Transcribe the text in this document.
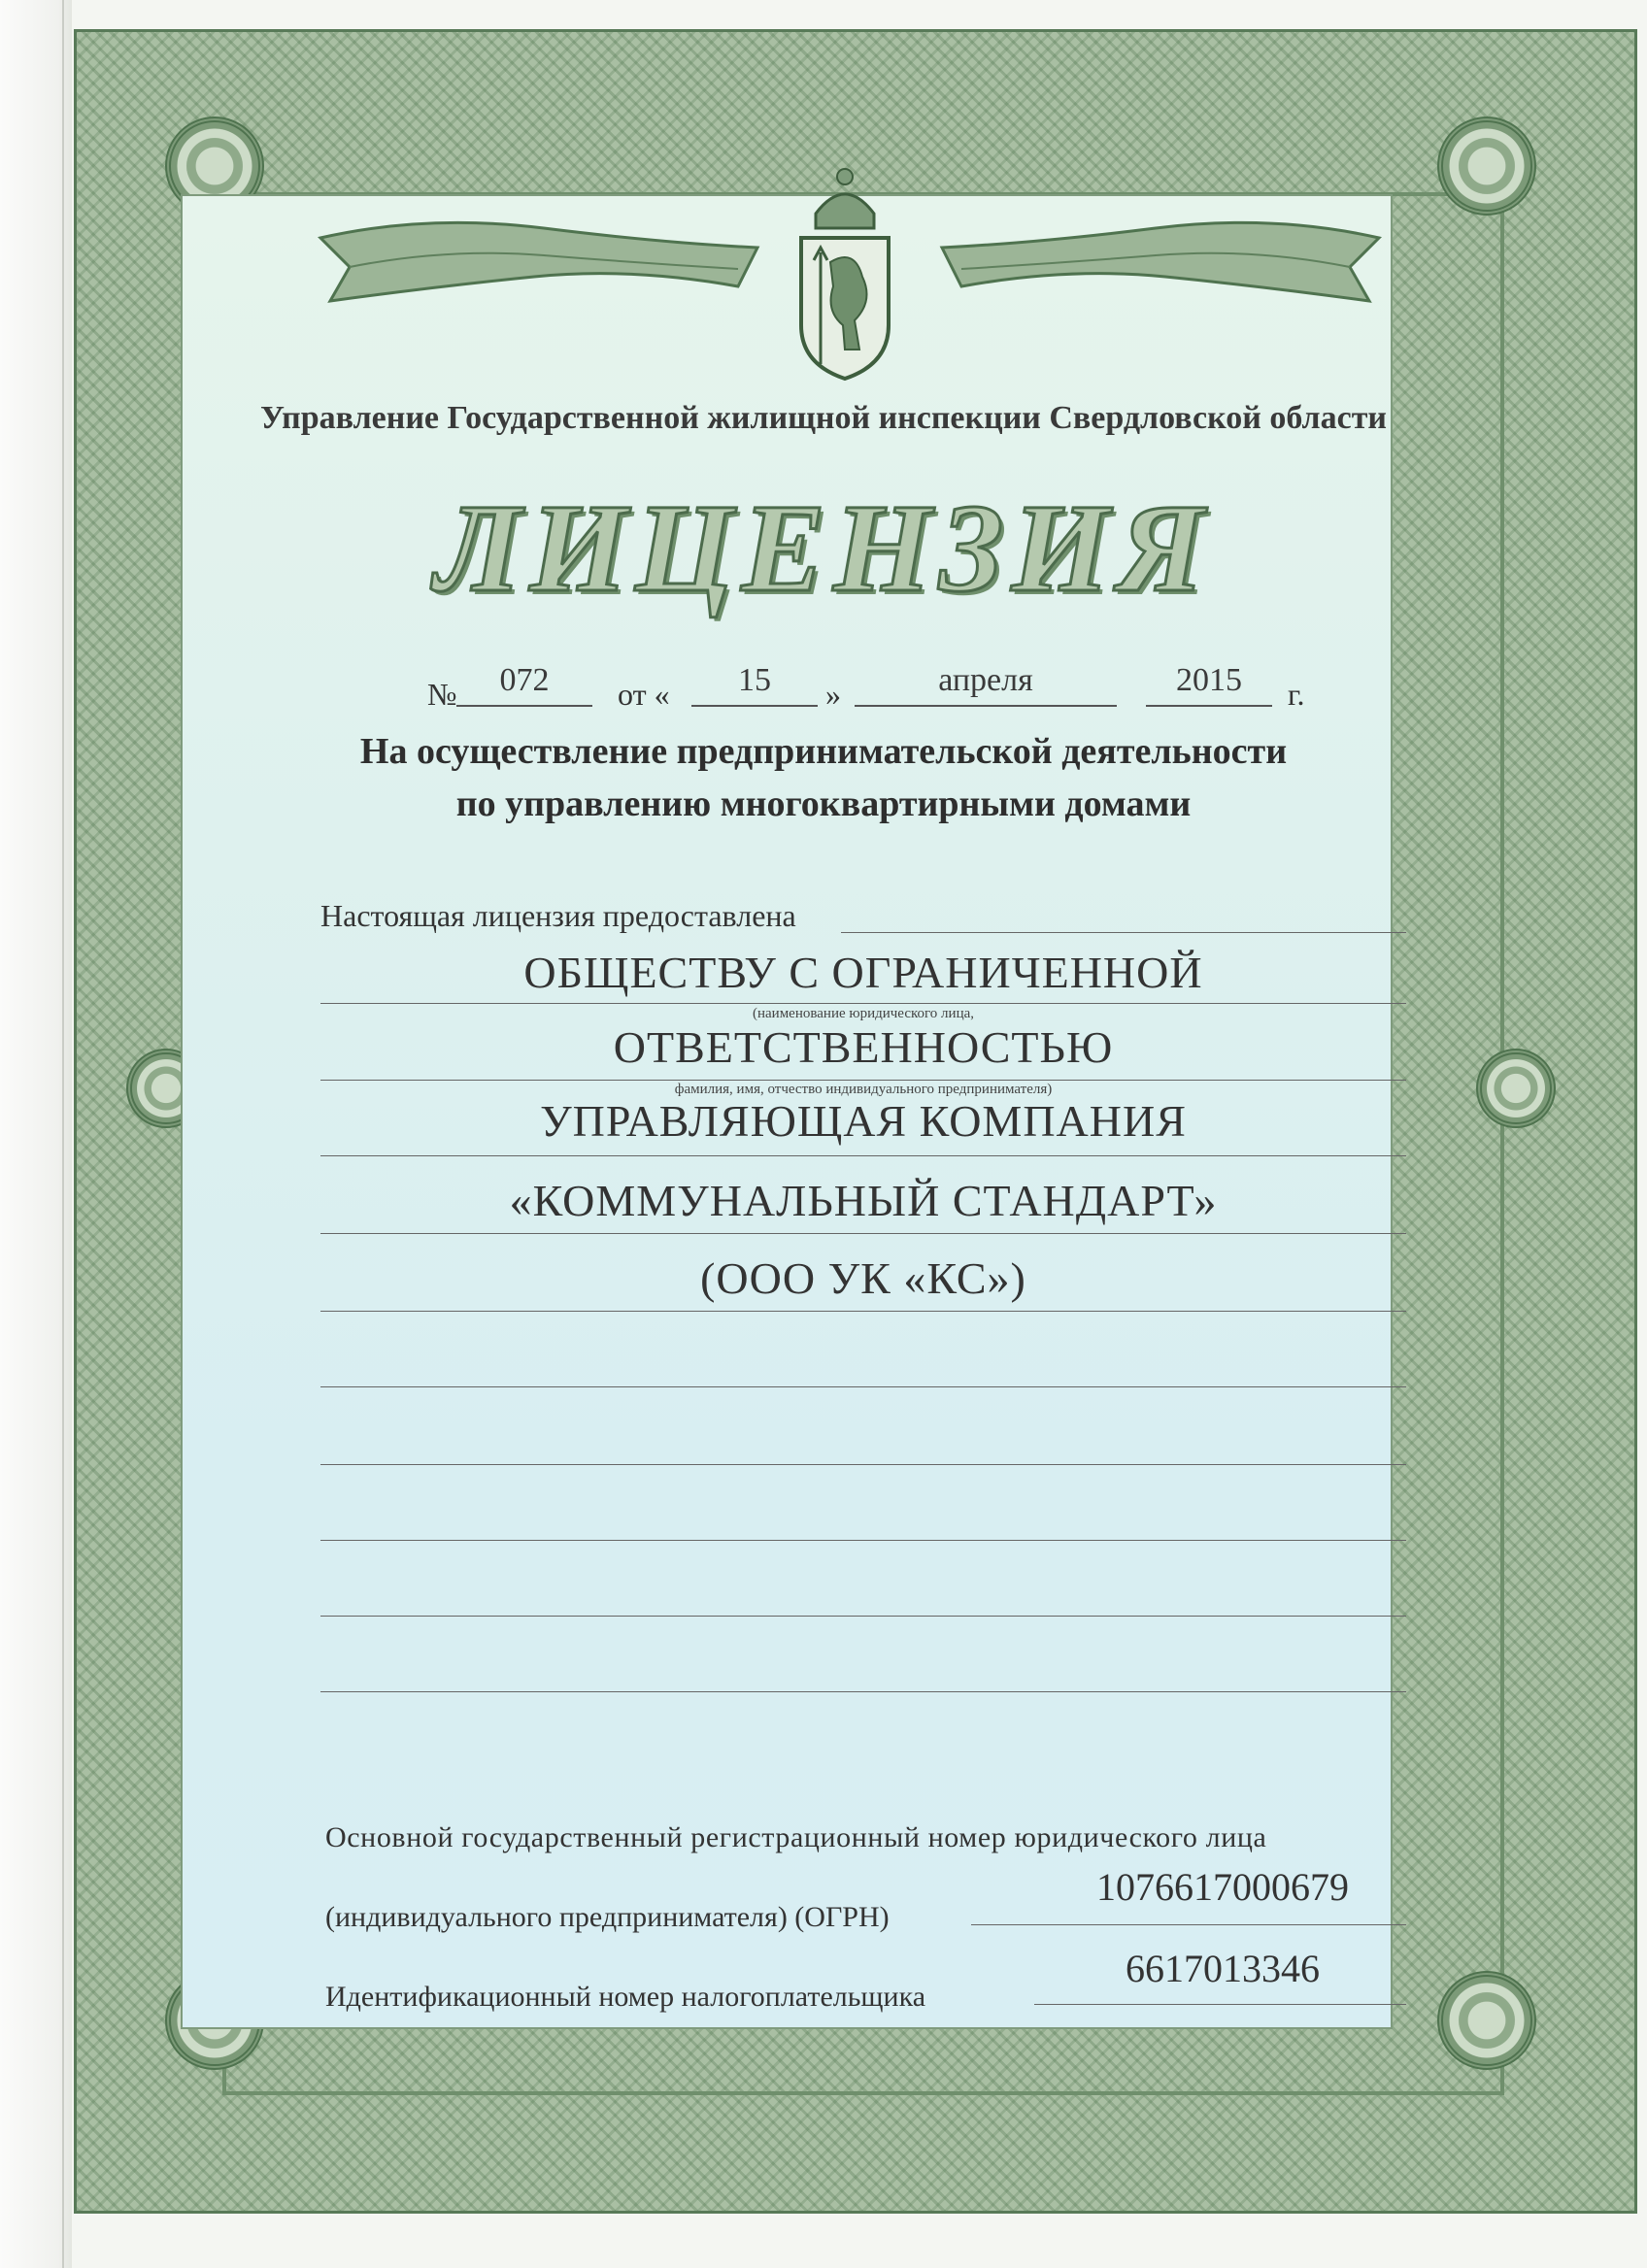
Управление Государственной жилищной инспекции Свердловской области
ЛИЦЕНЗИЯ
№	072	от «	15	»	апреля	2015	г.
На осуществление предпринимательской деятельности
по управлению многоквартирными домами
Настоящая лицензия предоставлена
ОБЩЕСТВУ С ОГРАНИЧЕННОЙ
(наименование юридического лица,
ОТВЕТСТВЕННОСТЬЮ
фамилия, имя, отчество индивидуального предпринимателя)
УПРАВЛЯЮЩАЯ КОМПАНИЯ
«КОММУНАЛЬНЫЙ СТАНДАРТ»
(ООО УК «КС»)
Основной государственный регистрационный номер юридического лица
(индивидуального предпринимателя) (ОГРН)
1076617000679
Идентификационный номер налогоплательщика
6617013346
